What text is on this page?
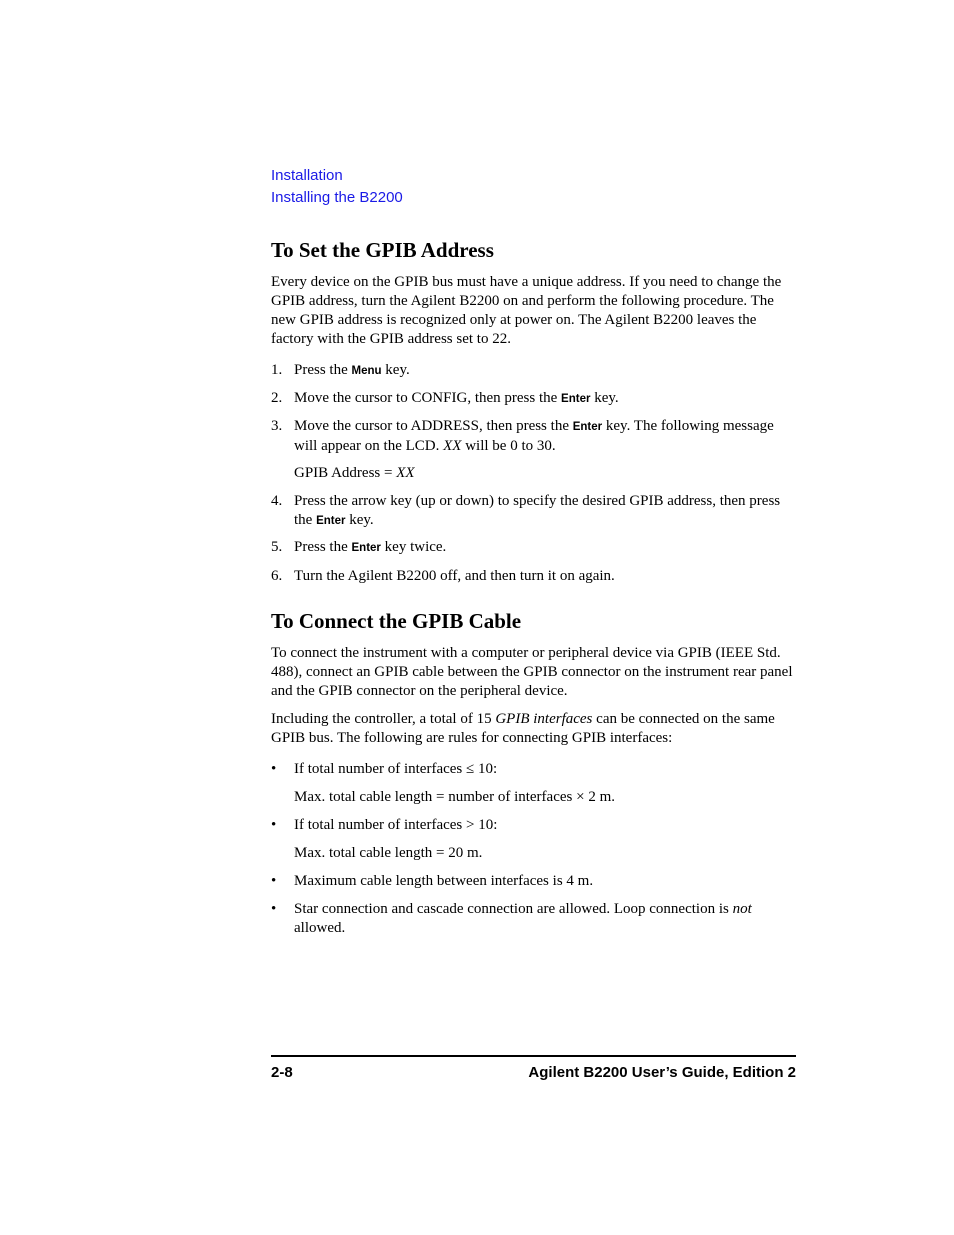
Installation
Installing the B2200
To Set the GPIB Address

Every device on the GPIB bus must have a unique address. If you need to change the GPIB address, turn the Agilent B2200 on and perform the following procedure. The new GPIB address is recognized only at power on. The Agilent B2200 leaves the factory with the GPIB address set to 22.

1. Press the Menu key.
2. Move the cursor to CONFIG, then press the Enter key.
3. Move the cursor to ADDRESS, then press the Enter key. The following message will appear on the LCD. XX will be 0 to 30.
GPIB Address = XX
4. Press the arrow key (up or down) to specify the desired GPIB address, then press the Enter key.
5. Press the Enter key twice.
6. Turn the Agilent B2200 off, and then turn it on again.
To Connect the GPIB Cable

To connect the instrument with a computer or peripheral device via GPIB (IEEE Std. 488), connect an GPIB cable between the GPIB connector on the instrument rear panel and the GPIB connector on the peripheral device.

Including the controller, a total of 15 GPIB interfaces can be connected on the same GPIB bus. The following are rules for connecting GPIB interfaces:

•	If total number of interfaces ≤ 10:
Max. total cable length = number of interfaces × 2 m.
•	If total number of interfaces > 10:
Max. total cable length = 20 m.
•	Maximum cable length between interfaces is 4 m.
•	Star connection and cascade connection are allowed. Loop connection is not allowed.
2-8	Agilent B2200 User’s Guide, Edition 2
